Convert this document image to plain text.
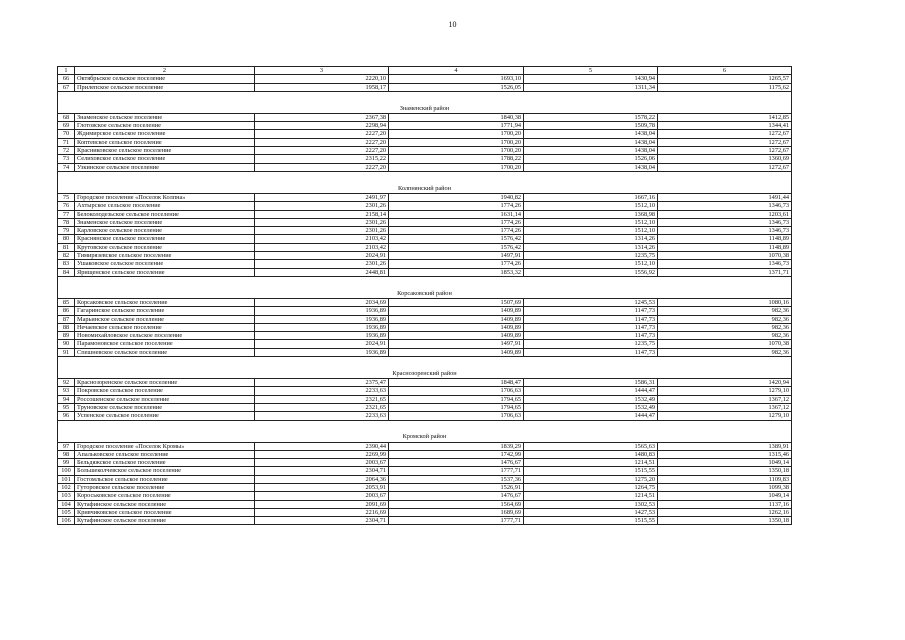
10
1	2	3	4	5	6
66	Октябрьское сельское поселение	2220,10	1693,10	1430,94	1265,57
67	Прилепское сельское поселение	1958,17	1526,05	1311,34	1175,62

Знаменский район					
68	Знаменское сельское поселение	2367,38	1840,38	1578,22	1412,85
69	Глотовское сельское поселение	2298,94	1771,94	1509,78	1344,41
70	Ждимирское сельское поселение	2227,20	1700,20	1438,04	1272,67
71	Коптевское сельское поселение	2227,20	1700,20	1438,04	1272,67
72	Красниковское сельское поселение	2227,20	1700,20	1438,04	1272,67
73	Селиховское сельское поселение	2315,22	1788,22	1526,06	1360,69
74	Узкинское сельское поселение	2227,20	1700,20	1438,04	1272,67

Колпнянский район					
75	Городское поселение «Поселок Колпна»	2491,97	1940,82	1667,16	1491,44
76	Ахтырское сельское поселение	2301,26	1774,26	1512,10	1346,73
77	Белоколодезьское сельское поселение	2158,14	1631,14	1368,98	1203,61
78	Знаменское сельское поселение	2301,26	1774,26	1512,10	1346,73
79	Карловское сельское поселение	2301,26	1774,26	1512,10	1346,73
80	Краснянское сельское поселение	2103,42	1576,42	1314,26	1148,89
81	Крутовское сельское поселение	2103,42	1576,42	1314,26	1148,89
82	Тимирязевское сельское поселение	2024,91	1497,91	1235,75	1070,38
83	Ушаковское сельское поселение	2301,26	1774,26	1512,10	1346,73
84	Ярищенское сельское поселение	2448,81	1853,32	1556,92	1371,71

Корсаковский район					
85	Корсаковское сельское поселение	2034,69	1507,69	1245,53	1080,16
86	Гагаринское сельское поселение	1936,89	1409,89	1147,73	982,36
87	Марьинское сельское поселение	1936,89	1409,89	1147,73	982,36
88	Нечаевское сельское поселение	1936,89	1409,89	1147,73	982,36
89	Новомихайловское сельское поселение	1936,89	1409,89	1147,73	982,36
90	Парамоновское сельское поселение	2024,91	1497,91	1235,75	1070,38
91	Спешневское сельское поселение	1936,89	1409,89	1147,73	982,36

Краснозоренский район					
92	Краснозоренское сельское поселение	2375,47	1848,47	1586,31	1420,94
93	Покровское сельское поселение	2233,63	1706,63	1444,47	1279,10
94	Россошенское сельское поселение	2321,65	1794,65	1532,49	1367,12
95	Труновское сельское поселение	2321,65	1794,65	1532,49	1367,12
96	Успенское сельское поселение	2233,63	1706,63	1444,47	1279,10

Кромской район					
97	Городское поселение «Поселок Кромы»	2390,44	1839,29	1565,63	1389,91
98	Апальковское сельское поселение	2269,99	1742,99	1480,83	1315,46
99	Бельдяжское сельское поселение	2003,67	1476,67	1214,51	1049,14
100	Большеколчевское сельское поселение	2304,71	1777,71	1515,55	1350,18
101	Гостомльское сельское поселение	2064,36	1537,36	1275,20	1109,83
102	Гуторовское сельское поселение	2053,91	1526,91	1264,75	1099,38
103	Короськовское сельское поселение	2003,67	1476,67	1214,51	1049,14
104	Кутафинское сельское поселение	2091,69	1564,69	1302,53	1137,16
105	Кривчиковское сельское поселение	2216,69	1689,69	1427,53	1262,16
106	Кутафинское сельское поселение	2304,71	1777,71	1515,55	1350,18
